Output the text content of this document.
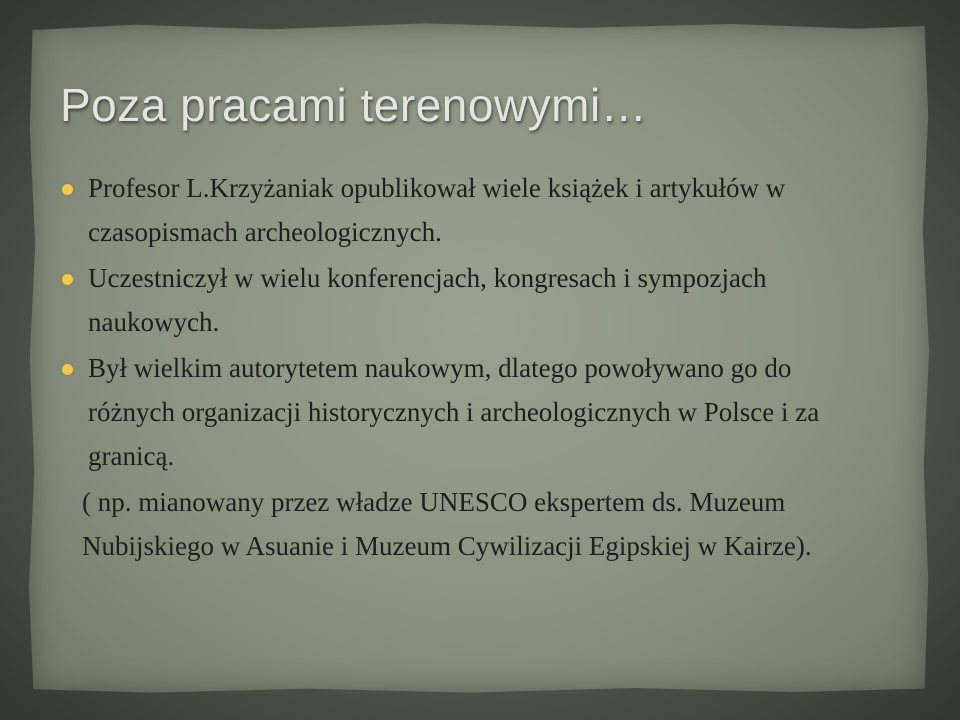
Poza pracami terenowymi…
Profesor L.Krzyżaniak opublikował wiele książek i artykułów w czasopismach archeologicznych.
Uczestniczył w wielu konferencjach, kongresach i sympozjach naukowych.
Był wielkim autorytetem naukowym, dlatego powoływano go do różnych organizacji historycznych i archeologicznych w Polsce i za granicą.
( np. mianowany przez władze UNESCO ekspertem ds. Muzeum Nubijskiego w Asuanie i Muzeum Cywilizacji Egipskiej w Kairze).
